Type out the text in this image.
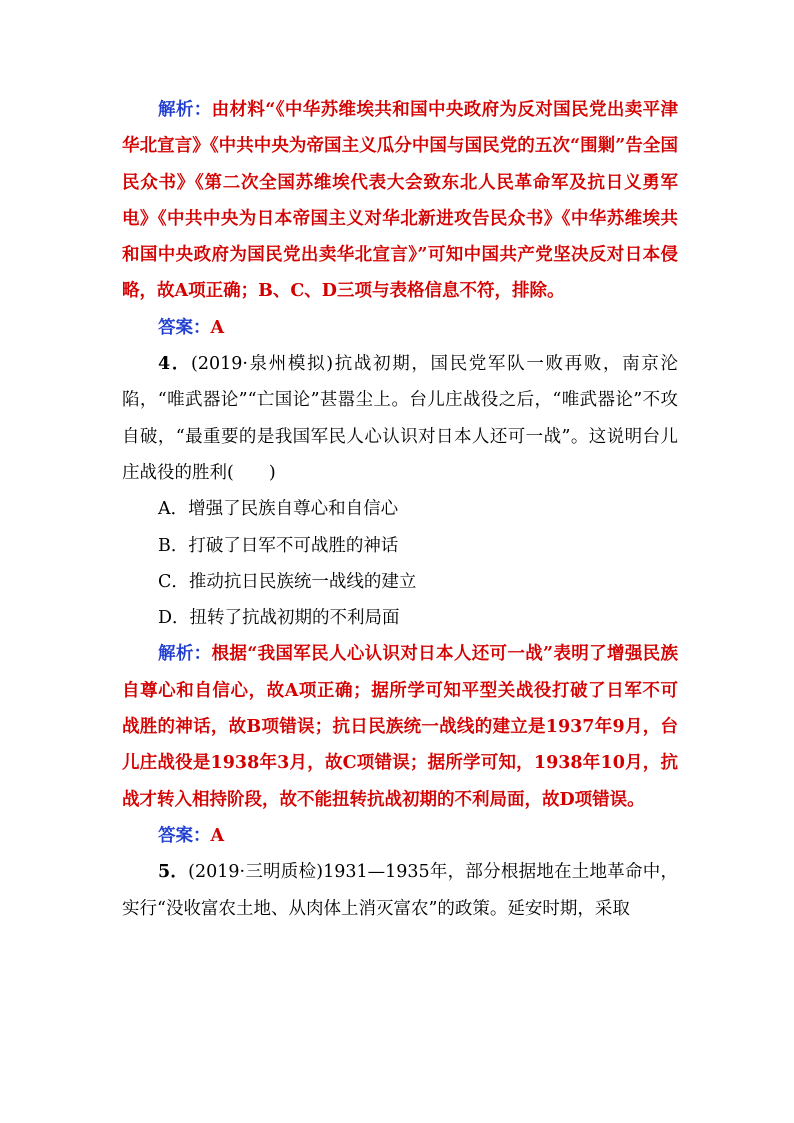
解析：由材料“《中华苏维埃共和国中央政府为反对国民党出卖平津华北宣言》《中共中央为帝国主义瓜分中国与国民党的五次“围剿”告全国民众书》《第二次全国苏维埃代表大会致东北人民革命军及抗日义勇军电》《中共中央为日本帝国主义对华北新进攻告民众书》《中华苏维埃共和国中央政府为国民党出卖华北宣言》”可知中国共产党坚决反对日本侵略，故A项正确；B、C、D三项与表格信息不符，排除。

答案：A

4．(2019·泉州模拟)抗战初期，国民党军队一败再败，南京沦陷，“唯武器论”“亡国论”甚嚣尘上。台儿庄战役之后，“唯武器论”不攻自破，“最重要的是我国军民人心认识对日本人还可一战”。这说明台儿庄战役的胜利(　　)

A．增强了民族自尊心和自信心

B．打破了日军不可战胜的神话

C．推动抗日民族统一战线的建立

D．扭转了抗战初期的不利局面

解析：根据“我国军民人心认识对日本人还可一战”表明了增强民族自尊心和自信心，故A项正确；据所学可知平型关战役打破了日军不可战胜的神话，故B项错误；抗日民族统一战线的建立是1937年9月，台儿庄战役是1938年3月，故C项错误；据所学可知，1938年10月，抗战才转入相持阶段，故不能扭转抗战初期的不利局面，故D项错误。

答案：A

5．(2019·三明质检)1931—1935年，部分根据地在土地革命中，实行“没收富农土地、从肉体上消灭富农”的政策。延安时期，采取
